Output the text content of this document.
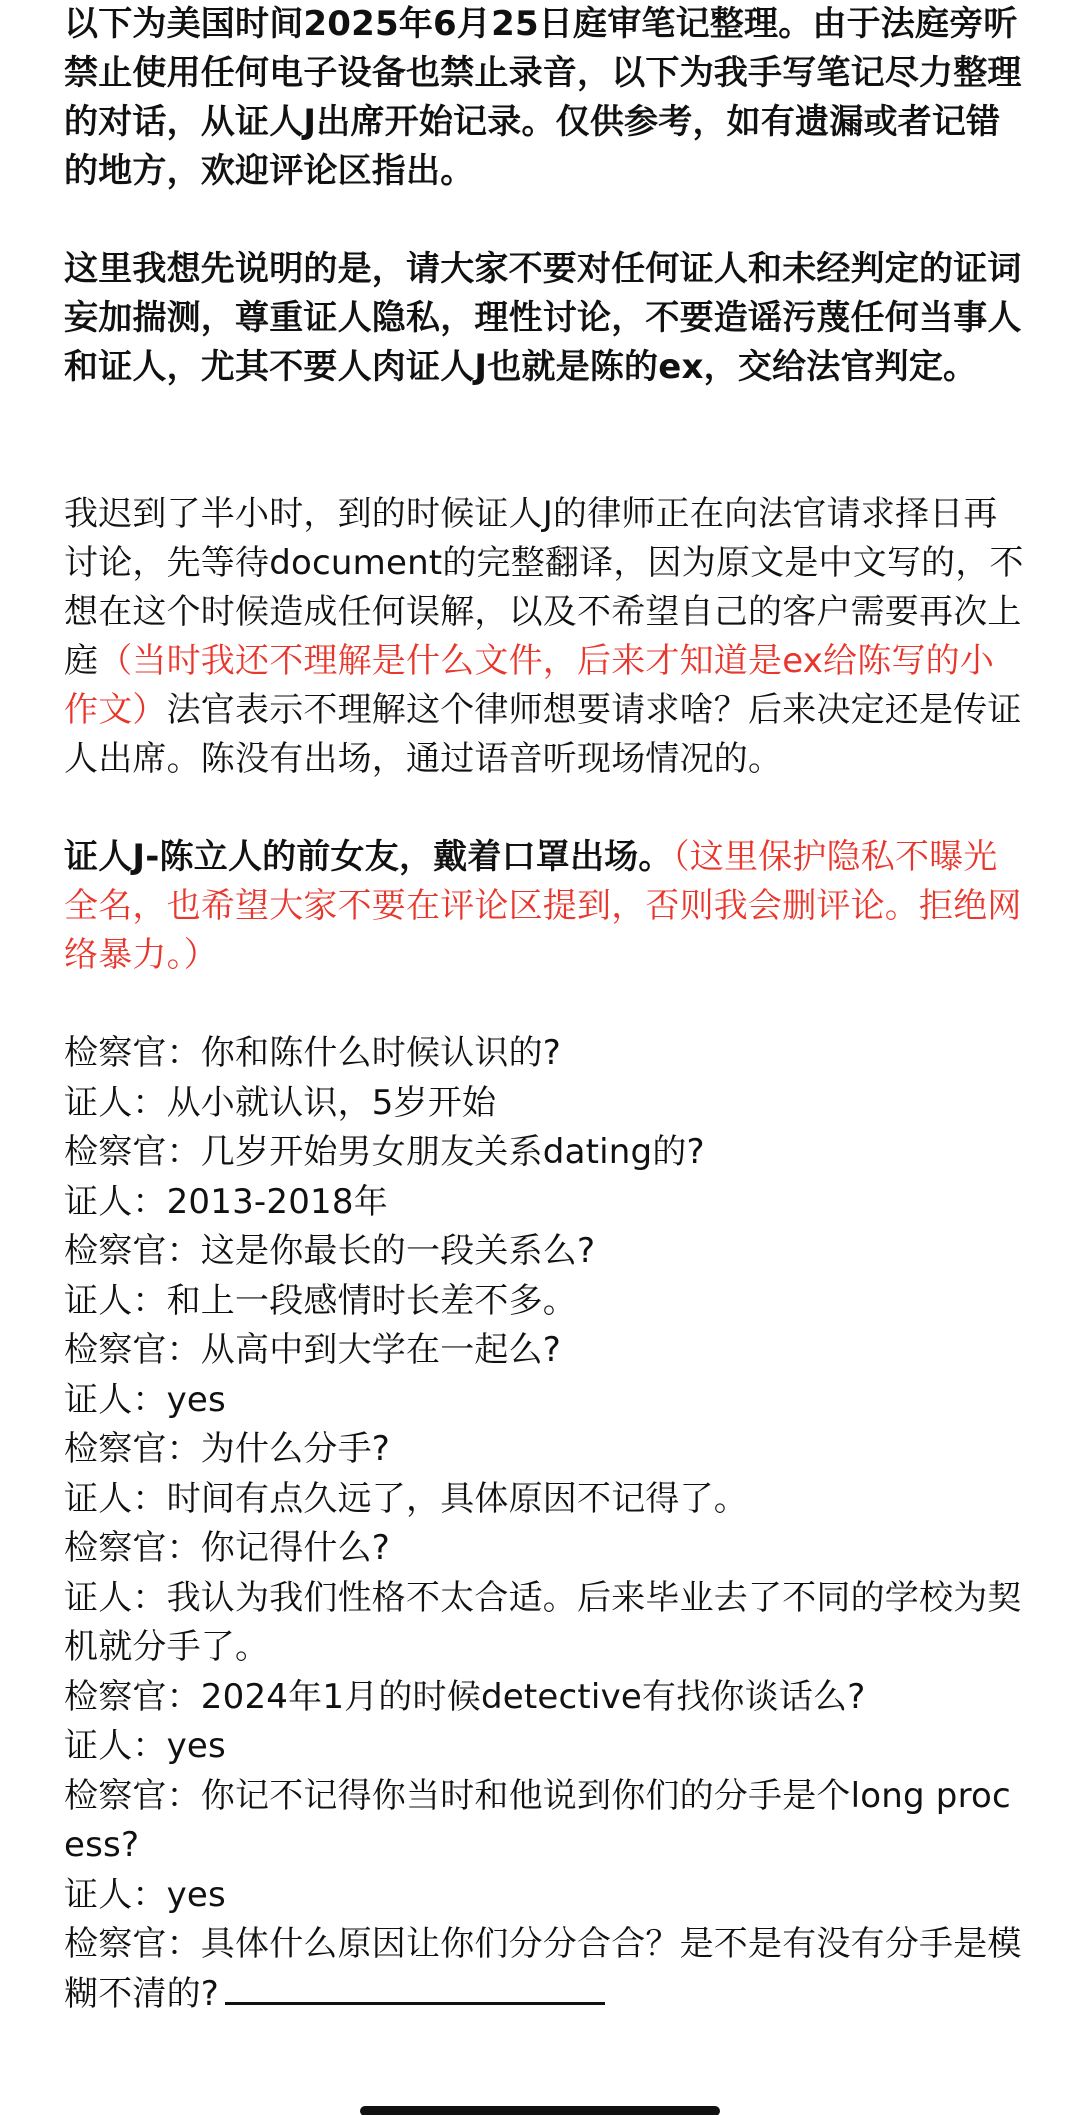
以下为美国时间2025年6月25日庭审笔记整理。由于法庭旁听禁止使用任何电子设备也禁止录音，以下为我手写笔记尽力整理的对话，从证人J出席开始记录。仅供参考，如有遗漏或者记错的地方，欢迎评论区指出。

这里我想先说明的是，请大家不要对任何证人和未经判定的证词妄加揣测，尊重证人隐私，理性讨论，不要造谣污蔑任何当事人和证人，尤其不要人肉证人J也就是陈的ex，交给法官判定。

我迟到了半小时，到的时候证人J的律师正在向法官请求择日再讨论，先等待document的完整翻译，因为原文是中文写的，不想在这个时候造成任何误解，以及不希望自己的客户需要再次上庭（当时我还不理解是什么文件，后来才知道是ex给陈写的小作文）法官表示不理解这个律师想要请求啥？后来决定还是传证人出席。陈没有出场，通过语音听现场情况的。

证人J-陈立人的前女友，戴着口罩出场。（这里保护隐私不曝光全名，也希望大家不要在评论区提到，否则我会删评论。拒绝网络暴力。）

检察官：你和陈什么时候认识的?

证人：从小就认识，5岁开始

检察官：几岁开始男女朋友关系dating的?

证人：2013-2018年

检察官：这是你最长的一段关系么?

证人：和上一段感情时长差不多。

检察官：从高中到大学在一起么?

证人：yes

检察官：为什么分手?

证人：时间有点久远了，具体原因不记得了。

检察官：你记得什么?

证人：我认为我们性格不太合适。后来毕业去了不同的学校为契机就分手了。

检察官：2024年1月的时候detective有找你谈话么?

证人：yes

检察官：你记不记得你当时和他说到你们的分手是个long process?

证人：yes

检察官：具体什么原因让你们分分合合？是不是有没有分手是模糊不清的?
